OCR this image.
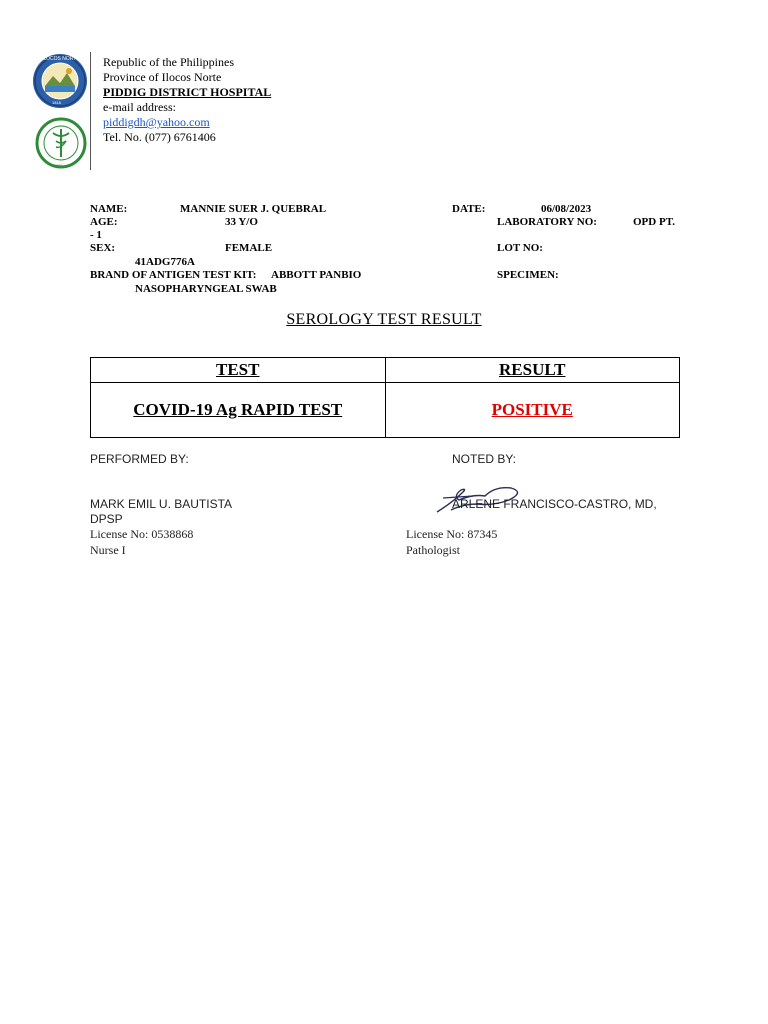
ILOCOS NORTE
1818
1959
Republic of the Philippines
Province of Ilocos Norte
PIDDIG DISTRICT HOSPITAL
e-mail address:
piddigdh@yahoo.com
Tel. No. (077) 6761406
NAME:	MANNIE SUER J. QUEBRAL	DATE:	06/08/2023
AGE:	33 Y/O	LABORATORY NO:	OPD PT.
- 1
SEX:	FEMALE	LOT NO:
41ADG776A
BRAND OF ANTIGEN TEST KIT: ABBOTT PANBIO	SPECIMEN:
NASOPHARYNGEAL SWAB
SEROLOGY TEST RESULT
TEST	RESULT
COVID-19 Ag RAPID TEST	POSITIVE
PERFORMED BY:	NOTED BY:
MARK EMIL U. BAUTISTA
DPSP
License No: 0538868
Nurse I
ARLENE FRANCISCO-CASTRO, MD,
License No: 87345
Pathologist
